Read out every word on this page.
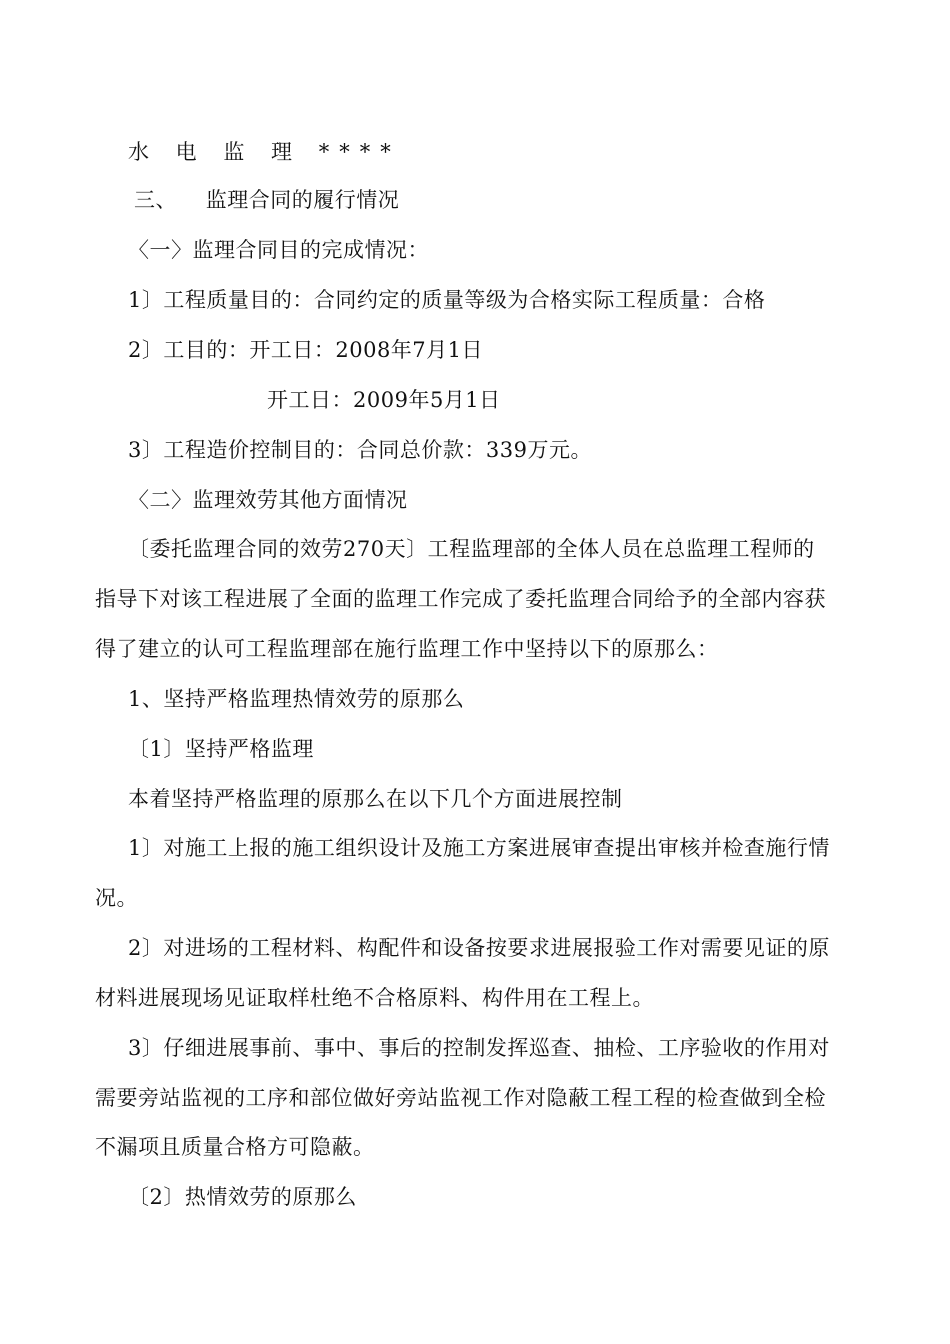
水 电 监 理 ****
三、    监理合同的履行情况
〈一〉监理合同目的完成情况：
1〕工程质量目的：合同约定的质量等级为合格实际工程质量：合格
2〕工目的：开工日：2008年7月1日
开工日：2009年5月1日
3〕工程造价控制目的：合同总价款：339万元。
〈二〉监理效劳其他方面情况
〔委托监理合同的效劳270天〕工程监理部的全体人员在总监理工程师的
指导下对该工程进展了全面的监理工作完成了委托监理合同给予的全部内容获
得了建立的认可工程监理部在施行监理工作中坚持以下的原那么：
1、坚持严格监理热情效劳的原那么
〔1〕坚持严格监理
本着坚持严格监理的原那么在以下几个方面进展控制
1〕对施工上报的施工组织设计及施工方案进展审查提出审核并检查施行情
况。
2〕对进场的工程材料、构配件和设备按要求进展报验工作对需要见证的原
材料进展现场见证取样杜绝不合格原料、构件用在工程上。
3〕仔细进展事前、事中、事后的控制发挥巡查、抽检、工序验收的作用对
需要旁站监视的工序和部位做好旁站监视工作对隐蔽工程工程的检查做到全检
不漏项且质量合格方可隐蔽。
〔2〕热情效劳的原那么
